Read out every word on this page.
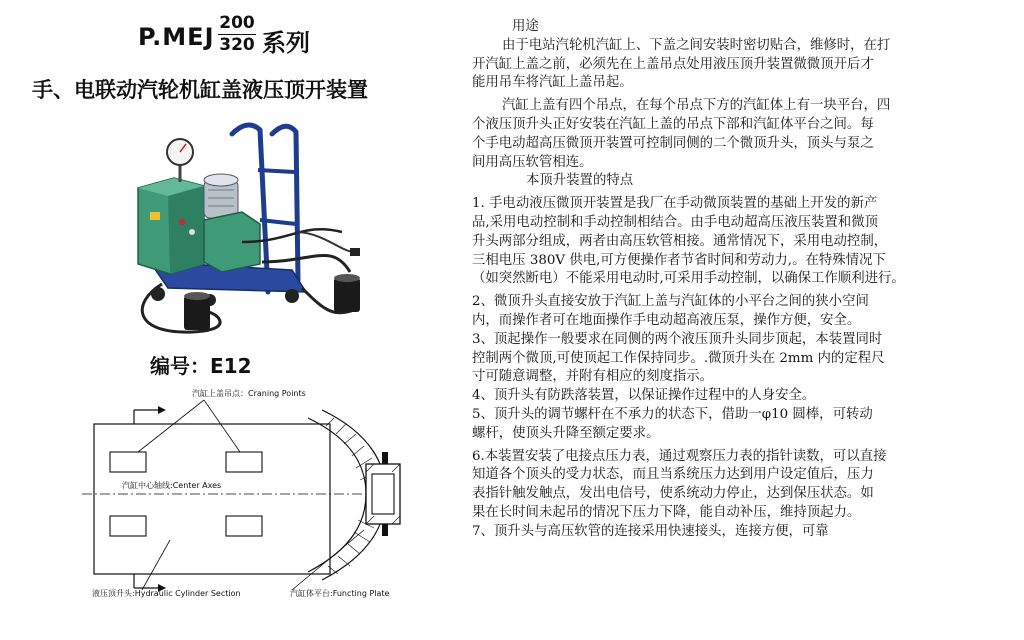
P.MEJ 200
320 系列
手、电联动汽轮机缸盖液压顶开装置
编号：E12
汽缸上盖吊点：Craning Points
汽缸中心轴线:Center Axes
液压顶升头:Hydraulic Cylinder Section	汽缸体平台:Functing Plate
用途
由于电站汽轮机汽缸上、下盖之间安装时密切贴合，维修时，在打
开汽缸上盖之前，必须先在上盖吊点处用液压顶升装置微微顶开后才
能用吊车将汽缸上盖吊起。
汽缸上盖有四个吊点，在每个吊点下方的汽缸体上有一块平台，四
个液压顶升头正好安装在汽缸上盖的吊点下部和汽缸体平台之间。每
个手电动超高压微顶开装置可控制同侧的二个微顶升头，顶头与泵之
间用高压软管相连。
本顶升装置的特点
1. 手电动液压微顶开装置是我厂在手动微顶装置的基础上开发的新产
品,采用电动控制和手动控制相结合。由手电动超高压液压装置和微顶
升头两部分组成，两者由高压软管相接。通常情况下，采用电动控制，
三相电压 380V 供电,可方便操作者节省时间和劳动力,。在特殊情况下
（如突然断电）不能采用电动时,可采用手动控制，以确保工作顺利进行。
2、微顶升头直接安放于汽缸上盖与汽缸体的小平台之间的狭小空间
内，而操作者可在地面操作手电动超高液压泵，操作方便，安全。
3、顶起操作一般要求在同侧的两个液压顶升头同步顶起，本装置同时
控制两个微顶,可使顶起工作保持同步。.微顶升头在 2mm 内的定程尺
寸可随意调整，并附有相应的刻度指示。
4、顶升头有防跌落装置，以保证操作过程中的人身安全。
5、顶升头的调节螺杆在不承力的状态下，借助一φ10 圆棒，可转动
螺杆，使顶头升降至额定要求。
6.本装置安装了电接点压力表，通过观察压力表的指针读数，可以直接
知道各个顶头的受力状态，而且当系统压力达到用户设定值后，压力
表指针触发触点，发出电信号，使系统动力停止，达到保压状态。如
果在长时间未起吊的情况下压力下降，能自动补压，维持顶起力。
7、顶升头与高压软管的连接采用快速接头，连接方便，可靠
